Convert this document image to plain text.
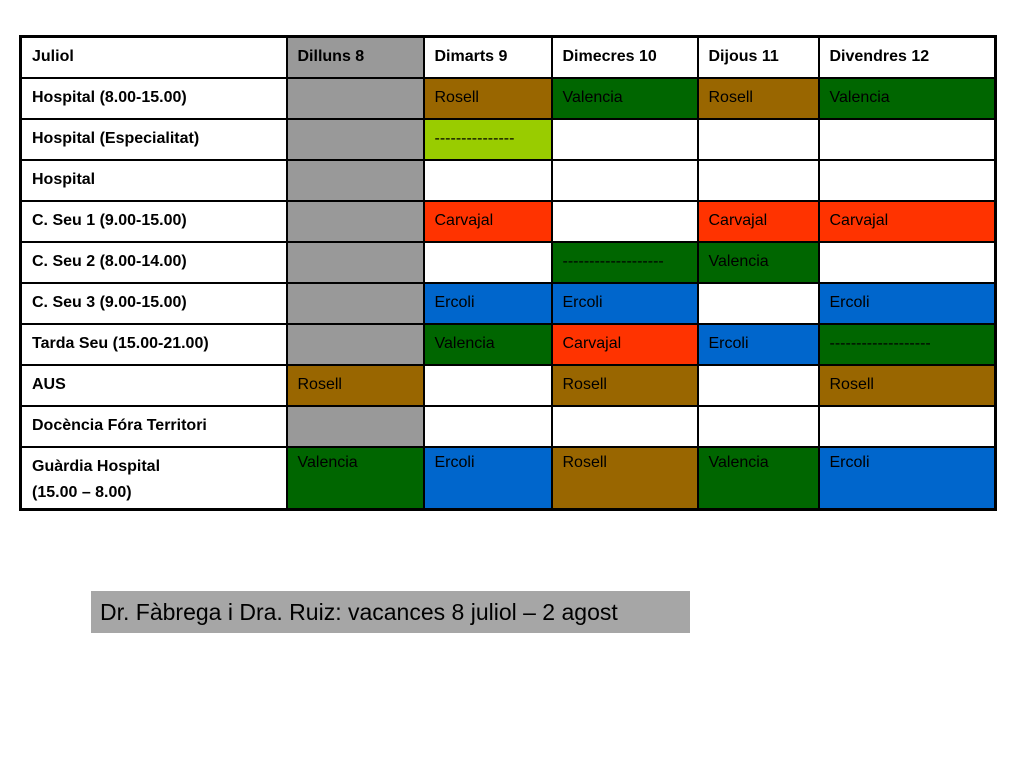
Juliol	Dilluns 8	Dimarts 9	Dimecres 10	Dijous 11	Divendres 12

Hospital (8.00-15.00)		Rosell	Valencia	Rosell	Valencia

Hospital (Especialitat)		---------------			

Hospital					

C. Seu 1 (9.00-15.00)		Carvajal		Carvajal	Carvajal

C. Seu 2 (8.00-14.00)			-------------------	Valencia	

C. Seu 3 (9.00-15.00)		Ercoli	Ercoli		Ercoli

Tarda Seu (15.00-21.00)		Valencia	Carvajal	Ercoli	-------------------

AUS	Rosell		Rosell		Rosell

Docència Fóra Territori					

Guàrdia Hospital
(15.00 – 8.00)	Valencia	Ercoli	Rosell	Valencia	Ercoli
Dr. Fàbrega i Dra. Ruiz: vacances 8 juliol – 2 agost
